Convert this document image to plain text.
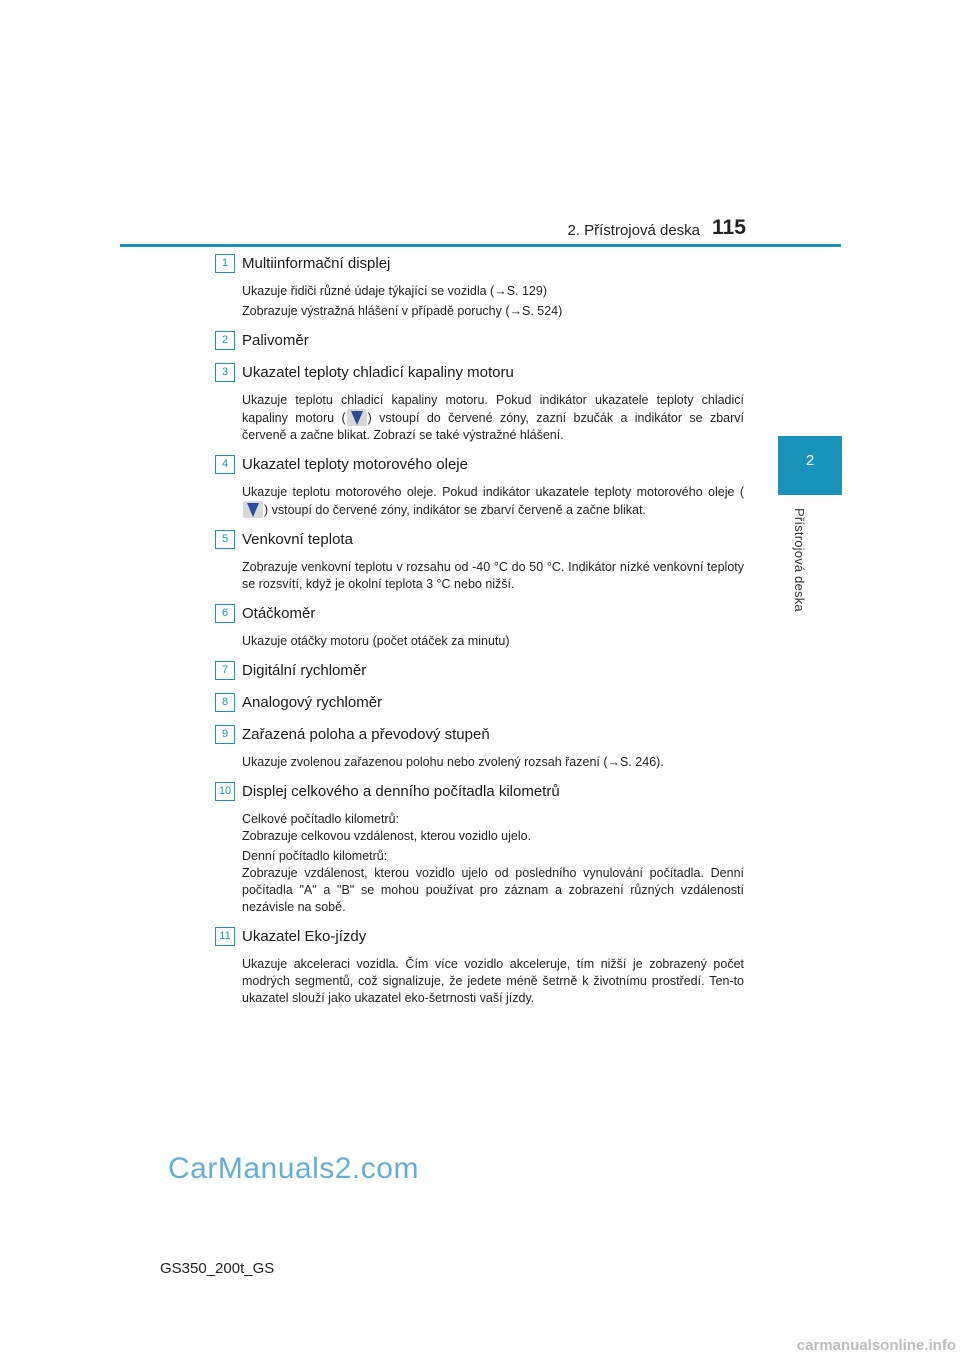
2. Přístrojová deska 115
2
Přístrojová deska
1 Multiinformační displej
Ukazuje řidiči různé údaje týkající se vozidla (→S. 129)
Zobrazuje výstražná hlášení v případě poruchy (→S. 524)
2 Palivoměr
3 Ukazatel teploty chladicí kapaliny motoru
Ukazuje teplotu chladicí kapaliny motoru. Pokud indikátor ukazatele teploty chladicí kapaliny motoru ( ) vstoupí do červené zóny, zazní bzučák a indikátor se zbarví červeně a začne blikat. Zobrazí se také výstražné hlášení.
4 Ukazatel teploty motorového oleje
Ukazuje teplotu motorového oleje. Pokud indikátor ukazatele teploty motorového oleje () vstoupí do červené zóny, indikátor se zbarví červeně a začne blikat.
5 Venkovní teplota
Zobrazuje venkovní teplotu v rozsahu od -40 °C do 50 °C. Indikátor nízké venkovní teploty se rozsvítí, když je okolní teplota 3 °C nebo nižší.
6 Otáčkoměr
Ukazuje otáčky motoru (počet otáček za minutu)
7 Digitální rychloměr
8 Analogový rychloměr
9 Zařazená poloha a převodový stupeň
Ukazuje zvolenou zařazenou polohu nebo zvolený rozsah řazení (→S. 246).
10 Displej celkového a denního počítadla kilometrů
Celkové počítadlo kilometrů:
Zobrazuje celkovou vzdálenost, kterou vozidlo ujelo.
Denní počítadlo kilometrů:
Zobrazuje vzdálenost, kterou vozidlo ujelo od posledního vynulování počítadla. Denní počítadla "A" a "B" se mohou používat pro záznam a zobrazení různých vzdáleností nezávisle na sobě.
11 Ukazatel Eko-jízdy
Ukazuje akceleraci vozidla. Čím více vozidlo akceleruje, tím nižší je zobrazený počet modrých segmentů, což signalizuje, že jedete méně šetrně k životnímu prostředí. Ten-to ukazatel slouží jako ukazatel eko-šetrnosti vaší jízdy.
CarManuals2.com
GS350_200t_GS
carmanualsonline.info
